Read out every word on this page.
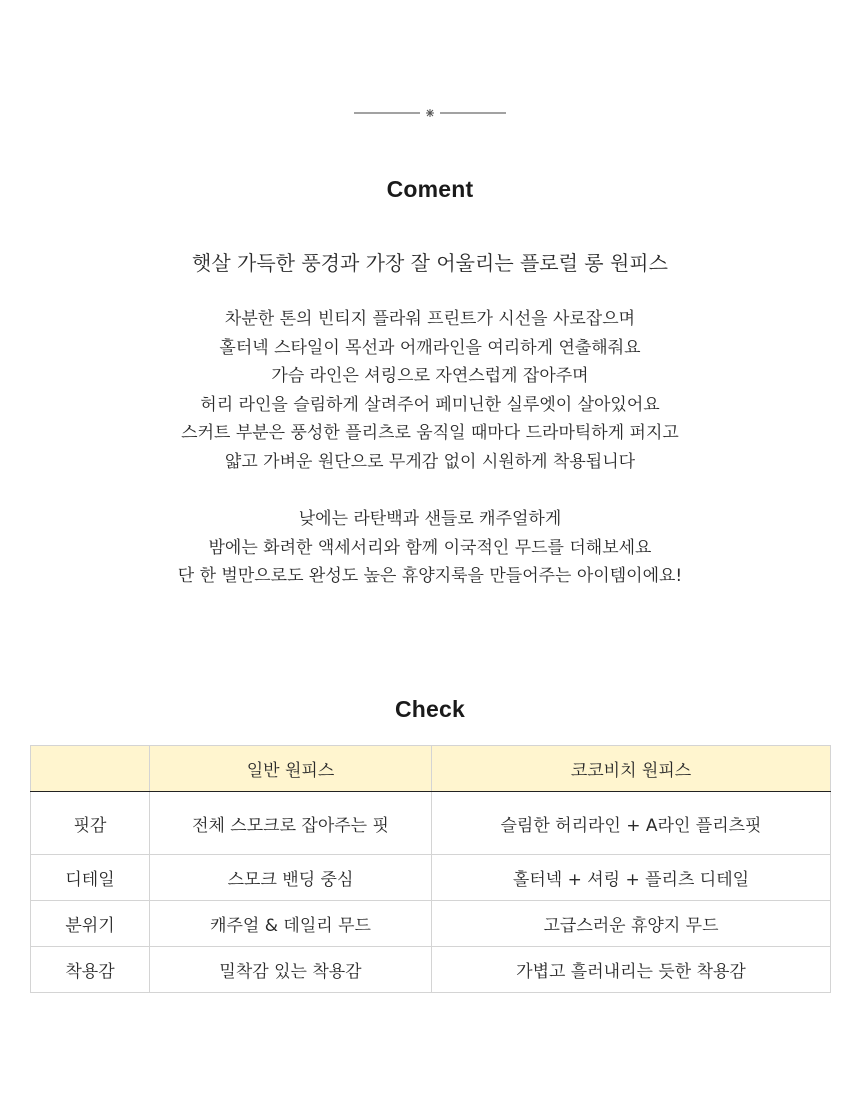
Coment
햇살 가득한 풍경과 가장 잘 어울리는 플로럴 롱 원피스
차분한 톤의 빈티지 플라워 프린트가 시선을 사로잡으며
홀터넥 스타일이 목선과 어깨라인을 여리하게 연출해줘요
가슴 라인은 셔링으로 자연스럽게 잡아주며
허리 라인을 슬림하게 살려주어 페미닌한 실루엣이 살아있어요
스커트 부분은 풍성한 플리츠로 움직일 때마다 드라마틱하게 퍼지고
얇고 가벼운 원단으로 무게감 없이 시원하게 착용됩니다
낮에는 라탄백과 샌들로 캐주얼하게
밤에는 화려한 액세서리와 함께 이국적인 무드를 더해보세요
단 한 벌만으로도 완성도 높은 휴양지룩을 만들어주는 아이템이에요!
Check
	일반 원피스	코코비치 원피스
핏감	전체 스모크로 잡아주는 핏	슬림한 허리라인 + A라인 플리츠핏
디테일	스모크 밴딩 중심	홀터넥 + 셔링 + 플리츠 디테일
분위기	캐주얼 & 데일리 무드	고급스러운 휴양지 무드
착용감	밀착감 있는 착용감	가볍고 흘러내리는 듯한 착용감
